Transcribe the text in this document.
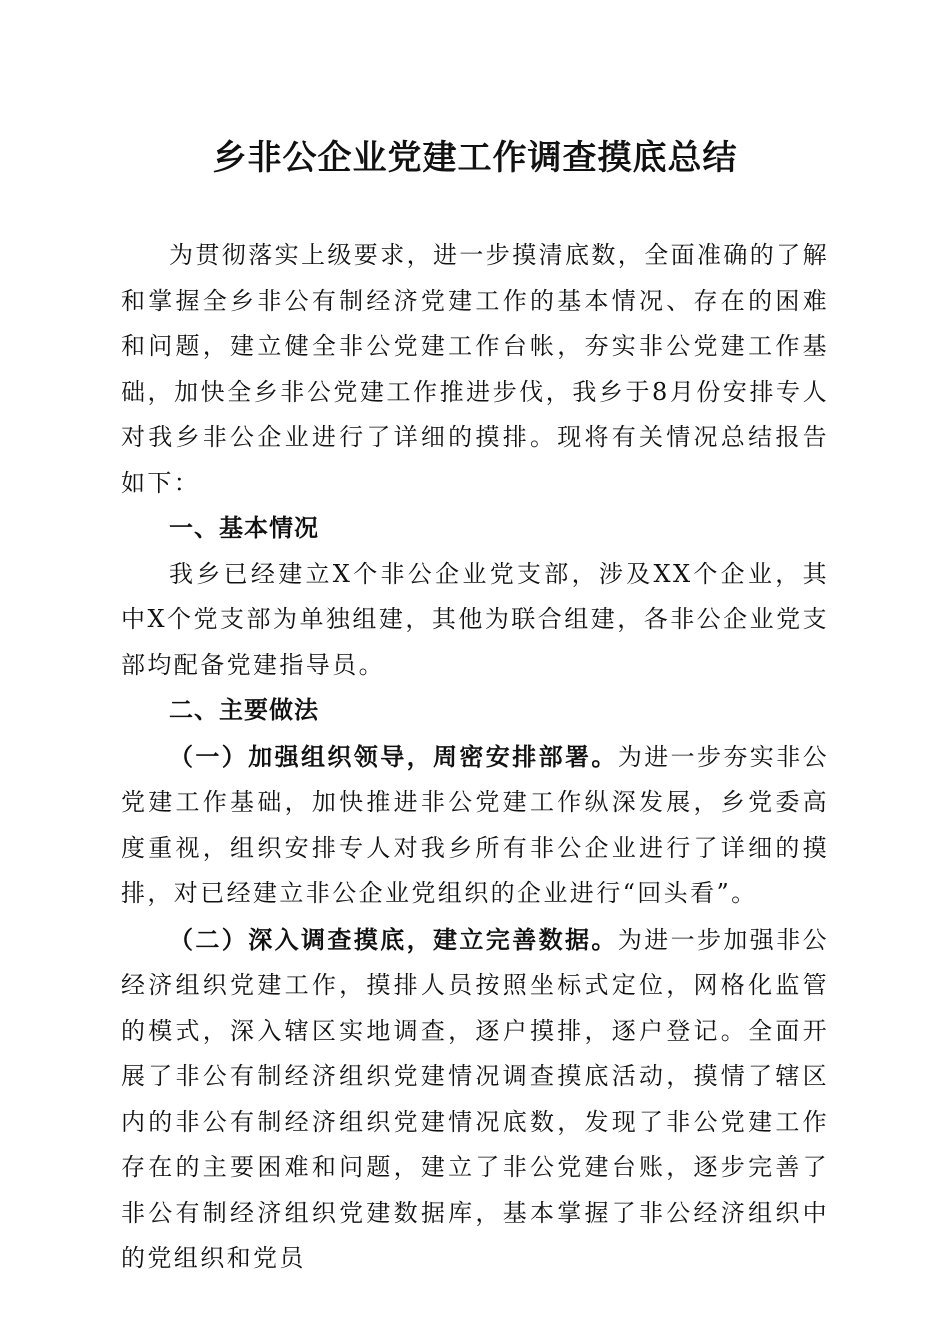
乡非公企业党建工作调查摸底总结

为贯彻落实上级要求，进一步摸清底数，全面准确的了解和掌握全乡非公有制经济党建工作的基本情况、存在的困难和问题，建立健全非公党建工作台帐，夯实非公党建工作基础，加快全乡非公党建工作推进步伐，我乡于8月份安排专人对我乡非公企业进行了详细的摸排。现将有关情况总结报告如下：

一、基本情况

我乡已经建立X个非公企业党支部，涉及XX个企业，其中X个党支部为单独组建，其他为联合组建，各非公企业党支部均配备党建指导员。

二、主要做法

（一）加强组织领导，周密安排部署。为进一步夯实非公党建工作基础，加快推进非公党建工作纵深发展，乡党委高度重视，组织安排专人对我乡所有非公企业进行了详细的摸排，对已经建立非公企业党组织的企业进行“回头看”。

（二）深入调查摸底，建立完善数据。为进一步加强非公经济组织党建工作，摸排人员按照坐标式定位，网格化监管的模式，深入辖区实地调查，逐户摸排，逐户登记。全面开展了非公有制经济组织党建情况调查摸底活动，摸情了辖区内的非公有制经济组织党建情况底数，发现了非公党建工作存在的主要困难和问题，建立了非公党建台账，逐步完善了非公有制经济组织党建数据库，基本掌握了非公经济组织中的党组织和党员
